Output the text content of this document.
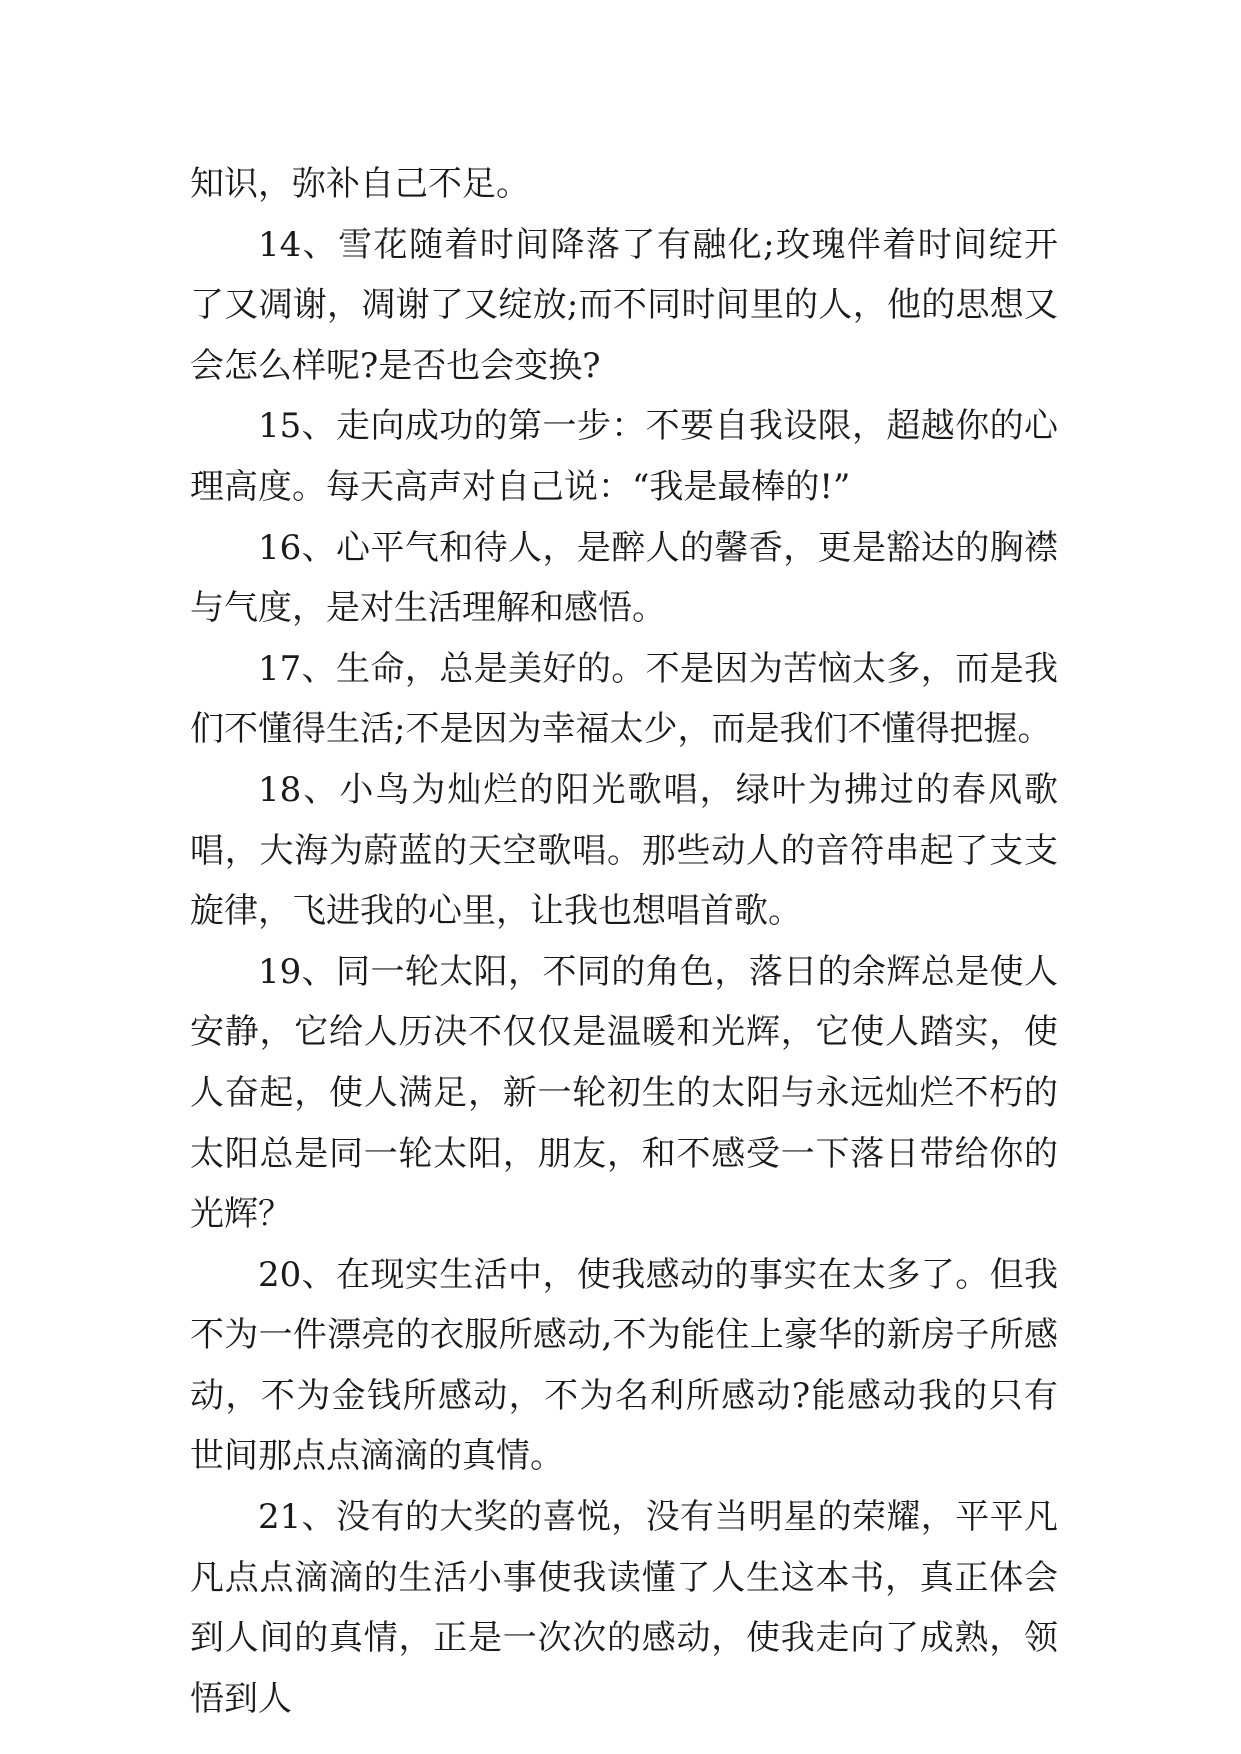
知识，弥补自己不足。

14、雪花随着时间降落了有融化;玫瑰伴着时间绽开了又凋谢，凋谢了又绽放;而不同时间里的人，他的思想又会怎么样呢?是否也会变换?

15、走向成功的第一步：不要自我设限，超越你的心理高度。每天高声对自己说：“我是最棒的!”

16、心平气和待人，是醉人的馨香，更是豁达的胸襟与气度，是对生活理解和感悟。

17、生命，总是美好的。不是因为苦恼太多，而是我们不懂得生活;不是因为幸福太少，而是我们不懂得把握。

18、小鸟为灿烂的阳光歌唱，绿叶为拂过的春风歌唱，大海为蔚蓝的天空歌唱。那些动人的音符串起了支支旋律，飞进我的心里，让我也想唱首歌。

19、同一轮太阳，不同的角色，落日的余辉总是使人安静，它给人历决不仅仅是温暖和光辉，它使人踏实，使人奋起，使人满足，新一轮初生的太阳与永远灿烂不朽的太阳总是同一轮太阳，朋友，和不感受一下落日带给你的光辉？

20、在现实生活中，使我感动的事实在太多了。但我不为一件漂亮的衣服所感动,不为能住上豪华的新房子所感动，不为金钱所感动，不为名利所感动?能感动我的只有世间那点点滴滴的真情。

21、没有的大奖的喜悦，没有当明星的荣耀，平平凡凡点点滴滴的生活小事使我读懂了人生这本书，真正体会到人间的真情，正是一次次的感动，使我走向了成熟，领悟到人
